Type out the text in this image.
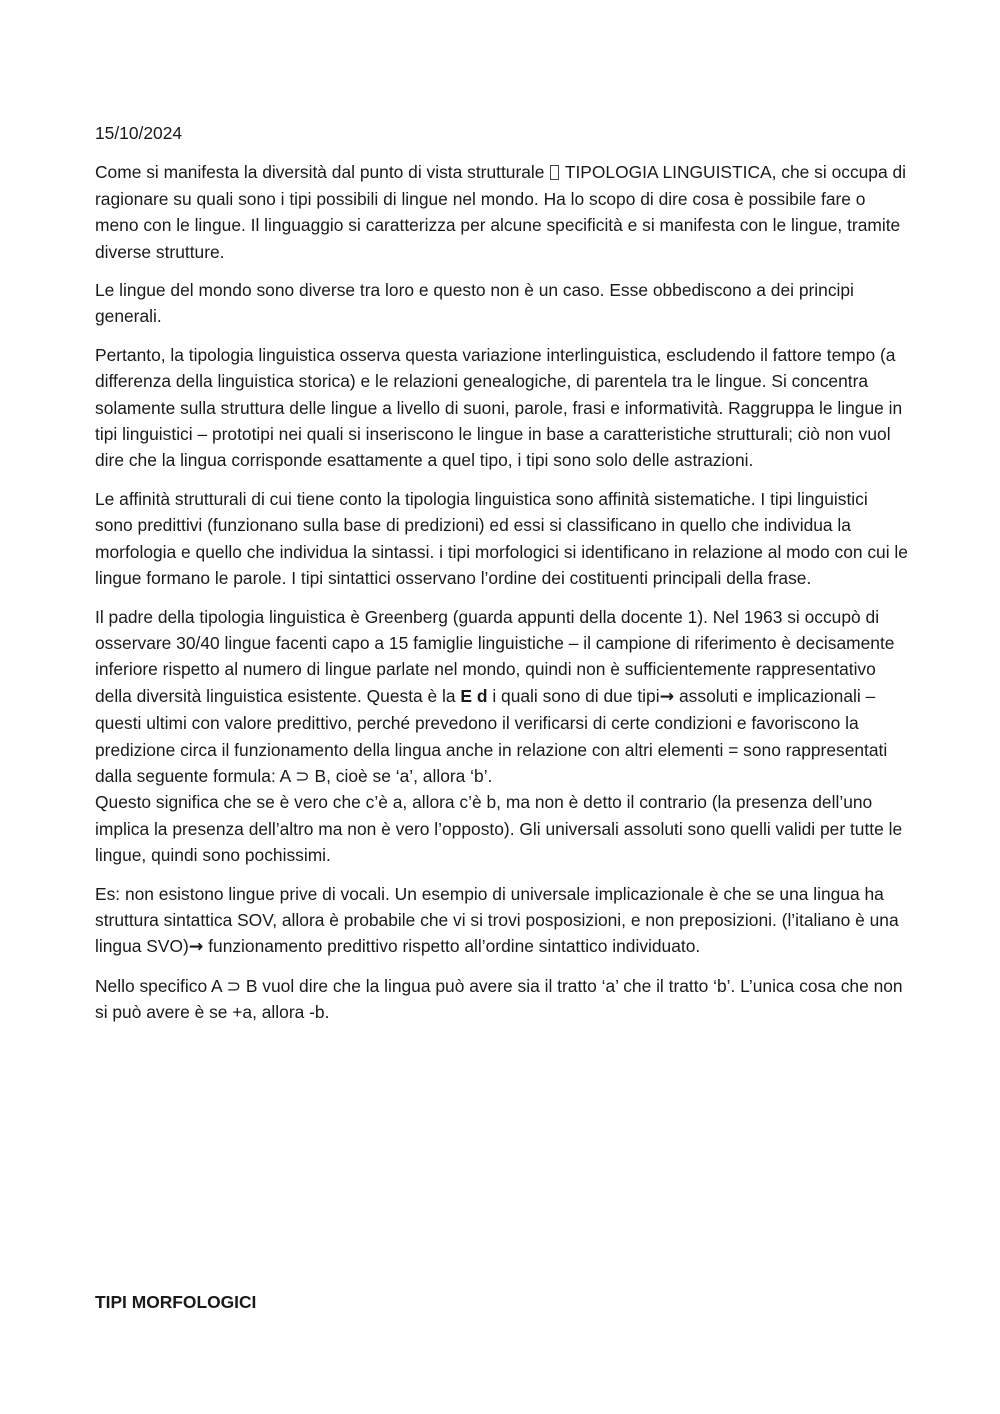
15/10/2024

Come si manifesta la diversità dal punto di vista strutturale TIPOLOGIA LINGUISTICA, che si occupa di ragionare su quali sono i tipi possibili di lingue nel mondo. Ha lo scopo di dire cosa è possibile fare o meno con le lingue. Il linguaggio si caratterizza per alcune specificità e si manifesta con le lingue, tramite diverse strutture.

Le lingue del mondo sono diverse tra loro e questo non è un caso. Esse obbediscono a dei principi generali.

Pertanto, la tipologia linguistica osserva questa variazione interlinguistica, escludendo il fattore tempo (a differenza della linguistica storica) e le relazioni genealogiche, di parentela tra le lingue. Si concentra solamente sulla struttura delle lingue a livello di suoni, parole, frasi e informatività. Raggruppa le lingue in tipi linguistici – prototipi nei quali si inseriscono le lingue in base a caratteristiche strutturali; ciò non vuol dire che la lingua corrisponde esattamente a quel tipo, i tipi sono solo delle astrazioni.

Le affinità strutturali di cui tiene conto la tipologia linguistica sono affinità sistematiche. I tipi linguistici sono predittivi (funzionano sulla base di predizioni) ed essi si classificano in quello che individua la morfologia e quello che individua la sintassi. i tipi morfologici si identificano in relazione al modo con cui le lingue formano le parole. I tipi sintattici osservano l’ordine dei costituenti principali della frase.

Il padre della tipologia linguistica è Greenberg (guarda appunti della docente 1). Nel 1963 si occupò di osservare 30/40 lingue facenti capo a 15 famiglie linguistiche – il campione di riferimento è decisamente inferiore rispetto al numero di lingue parlate nel mondo, quindi non è sufficientemente rappresentativo della diversità linguistica esistente. Questa è la E d i quali sono di due tipi→ assoluti e implicazionali – questi ultimi con valore predittivo, perché prevedono il verificarsi di certe condizioni e favoriscono la predizione circa il funzionamento della lingua anche in relazione con altri elementi = sono rappresentati dalla seguente formula: A ⊃ B, cioè se ‘a’, allora ‘b’.

Questo significa che se è vero che c’è a, allora c’è b, ma non è detto il contrario (la presenza dell’uno implica la presenza dell’altro ma non è vero l’opposto). Gli universali assoluti sono quelli validi per tutte le lingue, quindi sono pochissimi.

Es: non esistono lingue prive di vocali. Un esempio di universale implicazionale è che se una lingua ha struttura sintattica SOV, allora è probabile che vi si trovi posposizioni, e non preposizioni. (l’italiano è una lingua SVO)→ funzionamento predittivo rispetto all’ordine sintattico individuato.

Nello specifico A ⊃ B vuol dire che la lingua può avere sia il tratto ‘a’ che il tratto ‘b’. L’unica cosa che non si può avere è se +a, allora -b.

TIPI MORFOLOGICI
